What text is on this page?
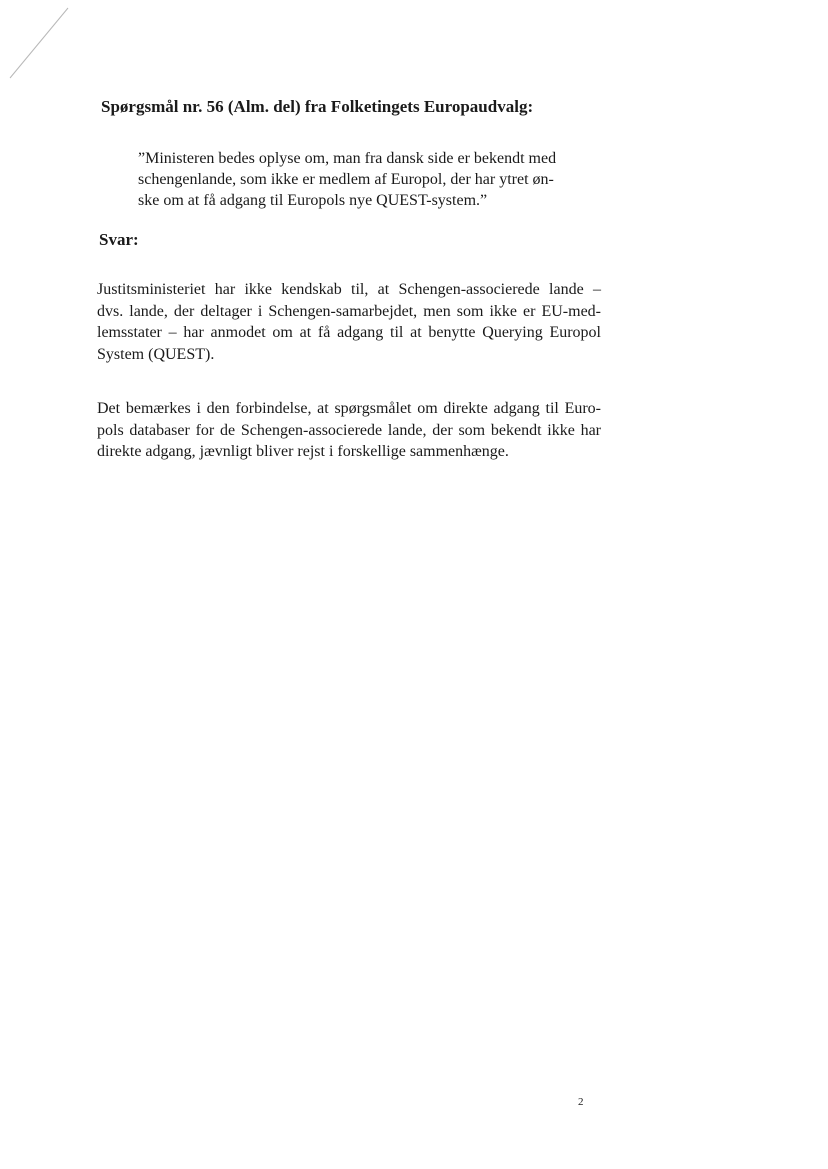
Spørgsmål nr. 56 (Alm. del) fra Folketingets Europaudvalg:
”Ministeren bedes oplyse om, man fra dansk side er bekendt med
schengenlande, som ikke er medlem af Europol, der har ytret øn-
ske om at få adgang til Europols nye QUEST-system.”
Svar:
Justitsministeriet har ikke kendskab til, at Schengen-associerede lande –
dvs. lande, der deltager i Schengen-samarbejdet, men som ikke er EU-med-
lemsstater – har anmodet om at få adgang til at benytte Querying Europol
System (QUEST).
Det bemærkes i den forbindelse, at spørgsmålet om direkte adgang til Euro-
pols databaser for de Schengen-associerede lande, der som bekendt ikke har
direkte adgang, jævnligt bliver rejst i forskellige sammenhænge.

2
